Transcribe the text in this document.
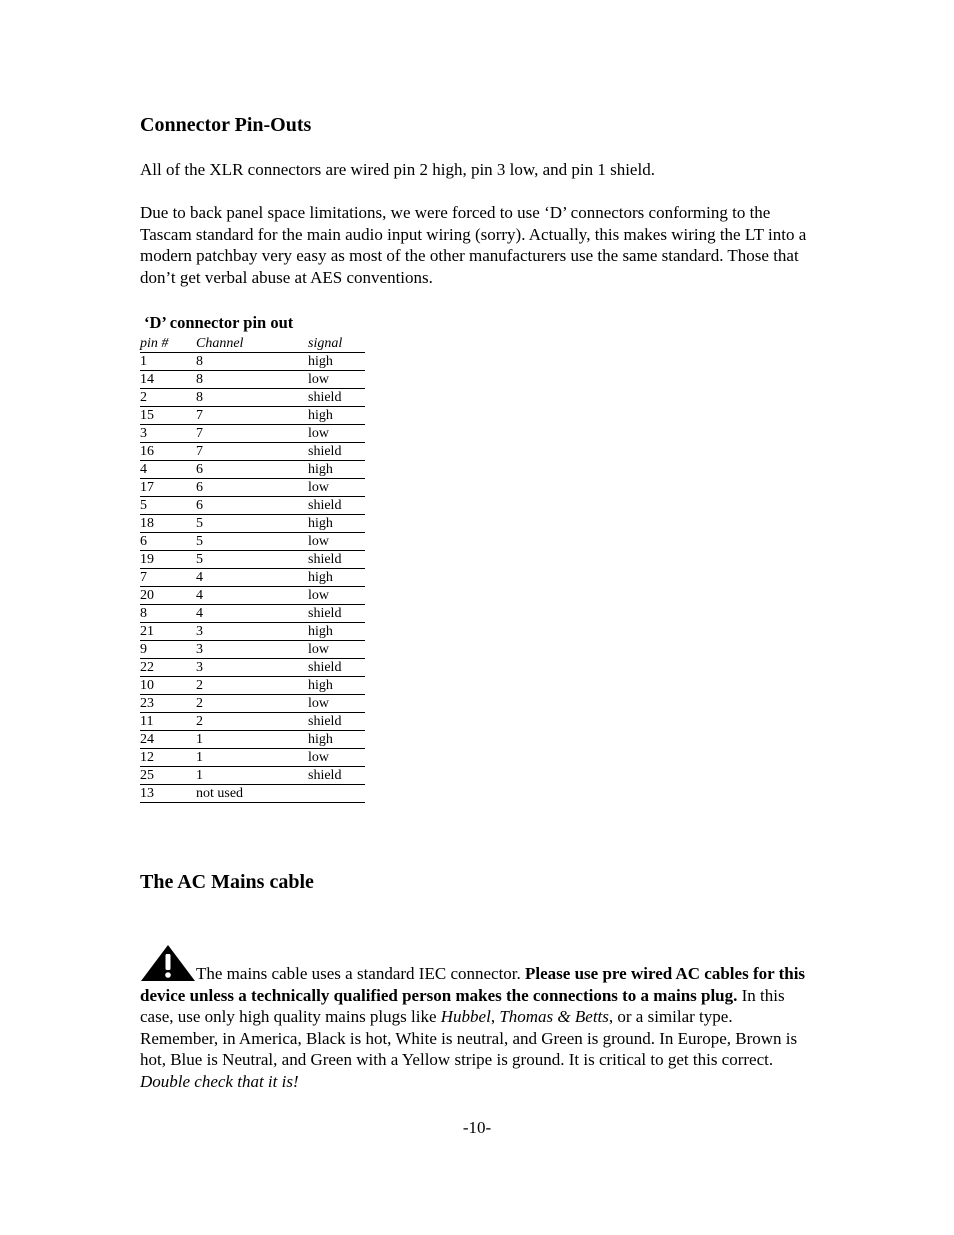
Connector Pin-Outs

All of the XLR connectors are wired pin 2 high, pin 3 low, and pin 1 shield.

Due to back panel space limitations, we were forced to use ‘D’ connectors conforming to the Tascam standard for the main audio input wiring (sorry). Actually, this makes wiring the LT into a modern patchbay very easy as most of the other manufacturers use the same standard. Those that don’t get verbal abuse at AES conventions.

‘D’ connector pin out

pin #	Channel	signal
1	8	high
14	8	low
2	8	shield
15	7	high
3	7	low
16	7	shield
4	6	high
17	6	low
5	6	shield
18	5	high
6	5	low
19	5	shield
7	4	high
20	4	low
8	4	shield
21	3	high
9	3	low
22	3	shield
10	2	high
23	2	low
11	2	shield
24	1	high
12	1	low
25	1	shield
13	not used	
The AC Mains cable

The mains cable uses a standard IEC connector. Please use pre wired AC cables for this device unless a technically qualified person makes the connections to a mains plug. In this case, use only high quality mains plugs like Hubbel, Thomas & Betts, or a similar type. Remember, in America, Black is hot, White is neutral, and Green is ground. In Europe, Brown is hot, Blue is Neutral, and Green with a Yellow stripe is ground. It is critical to get this correct. Double check that it is!

-10-
